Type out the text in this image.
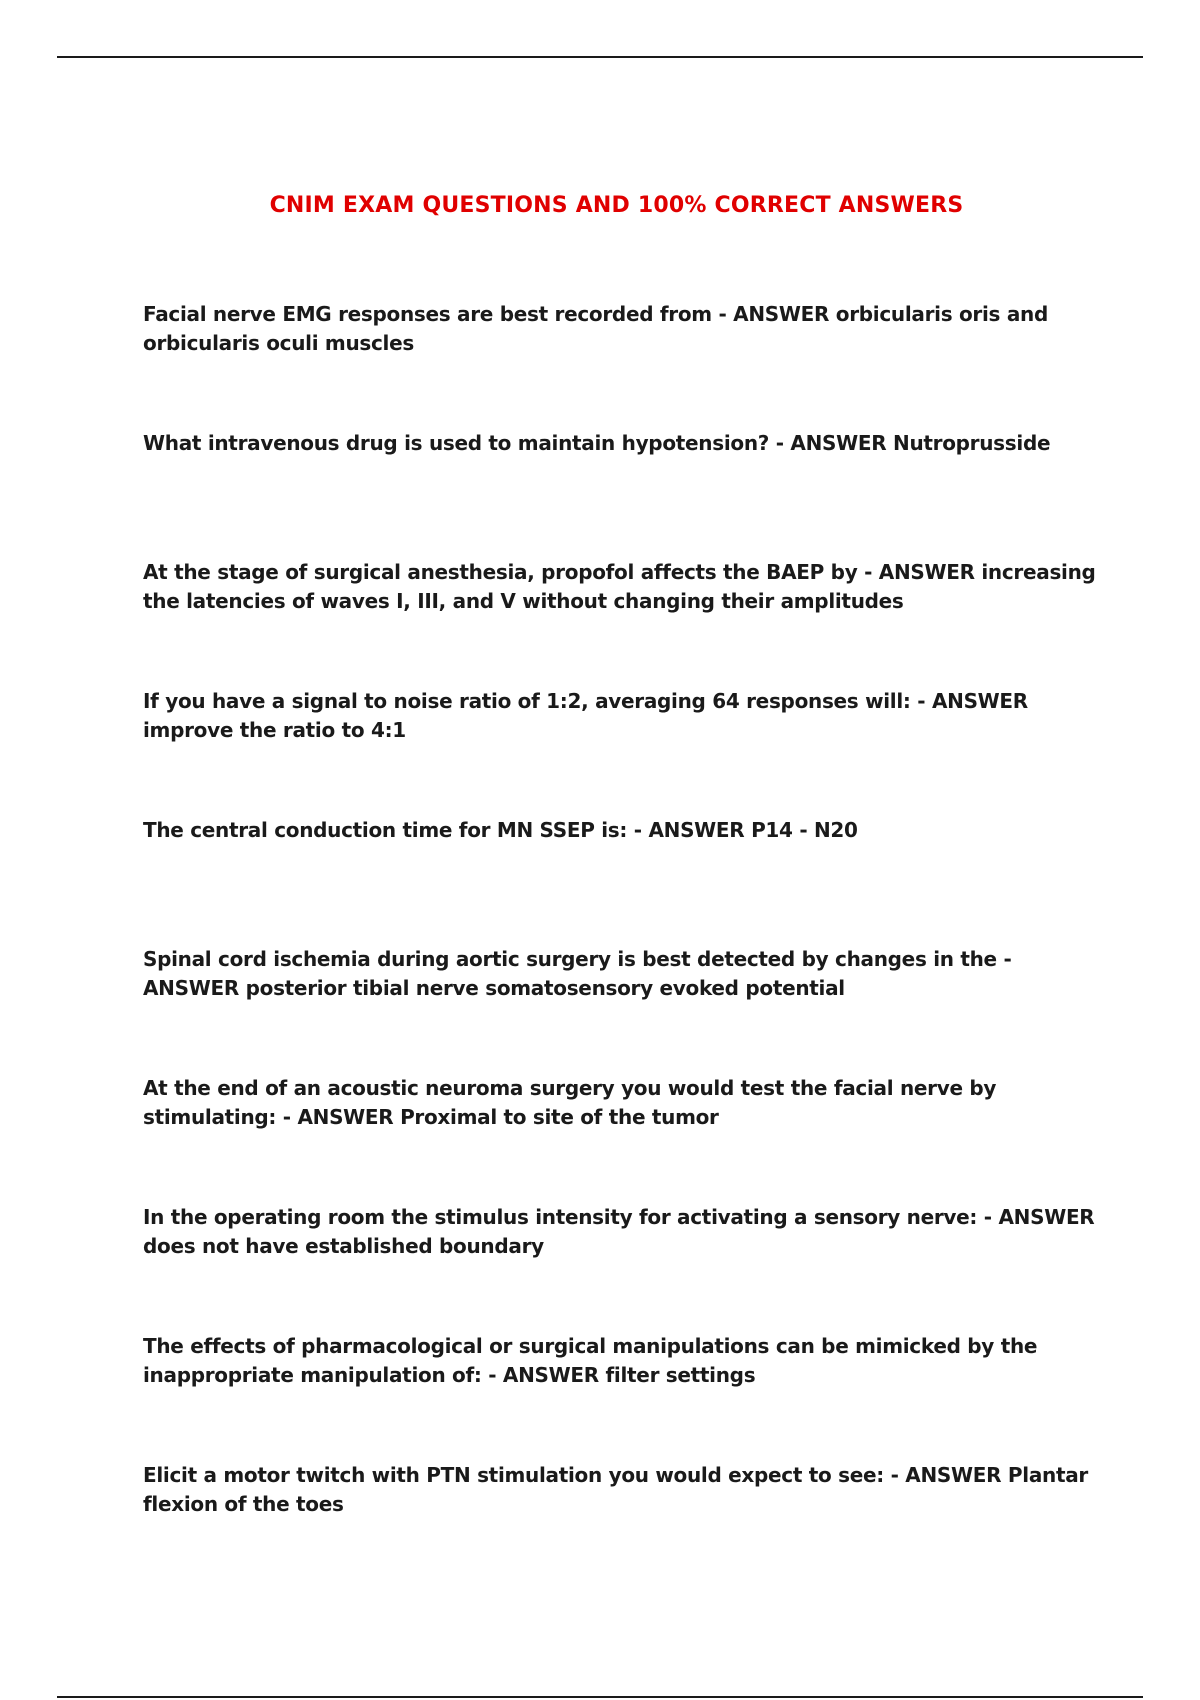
CNIM EXAM QUESTIONS AND 100% CORRECT ANSWERS
Facial nerve EMG responses are best recorded from - ANSWER orbicularis oris and orbicularis oculi muscles
What intravenous drug is used to maintain hypotension? - ANSWER Nutroprusside
At the stage of surgical anesthesia, propofol affects the BAEP by - ANSWER increasing the latencies of waves I, III, and V without changing their amplitudes
If you have a signal to noise ratio of 1:2, averaging 64 responses will: - ANSWER improve the ratio to 4:1
The central conduction time for MN SSEP is: - ANSWER P14 - N20
Spinal cord ischemia during aortic surgery is best detected by changes in the - ANSWER posterior tibial nerve somatosensory evoked potential
At the end of an acoustic neuroma surgery you would test the facial nerve by stimulating: - ANSWER Proximal to site of the tumor
In the operating room the stimulus intensity for activating a sensory nerve: - ANSWER does not have established boundary
The effects of pharmacological or surgical manipulations can be mimicked by the inappropriate manipulation of: - ANSWER filter settings
Elicit a motor twitch with PTN stimulation you would expect to see: - ANSWER Plantar flexion of the toes
